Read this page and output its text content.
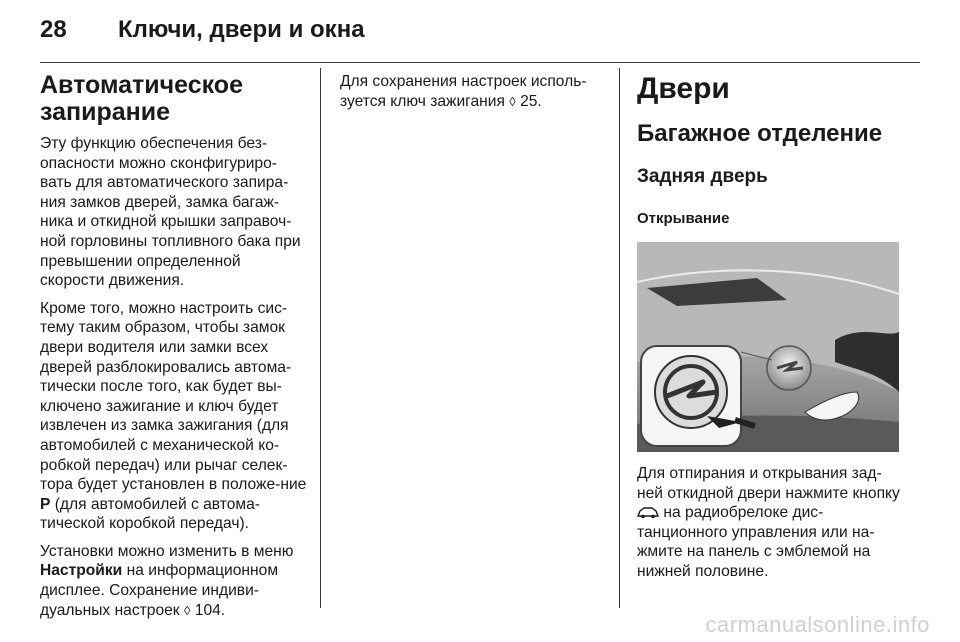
28	Ключи, двери и окна
Автоматическое запирание

Эту функцию обеспечения без-опасности можно сконфигуриро-вать для автоматического запира-ния замков дверей, замка багаж-ника и откидной крышки заправоч-ной горловины топливного бака при превышении определенной скорости движения.

Кроме того, можно настроить сис-тему таким образом, чтобы замок двери водителя или замки всех дверей разблокировались автома-тически после того, как будет вы-ключено зажигание и ключ будет извлечен из замка зажигания (для автомобилей с механической ко-робкой передач) или рычаг селек-тора будет установлен в положе-ние P (для автомобилей с автома-тической коробкой передач).

Установки можно изменить в меню Настройки на информационном дисплее. Сохранение индиви-дуальных настроек ◊ 104.

Для сохранения настроек исполь-зуется ключ зажигания ◊ 25.	Двери
Багажное отделение
Задняя дверь
Открывание

Для отпирания и открывания зад-ней откидной двери нажмите кнопку  на радиобрелоке дис-танционного управления или на-жмите на панель с эмблемой на нижней половине.

carmanualsonline.info
